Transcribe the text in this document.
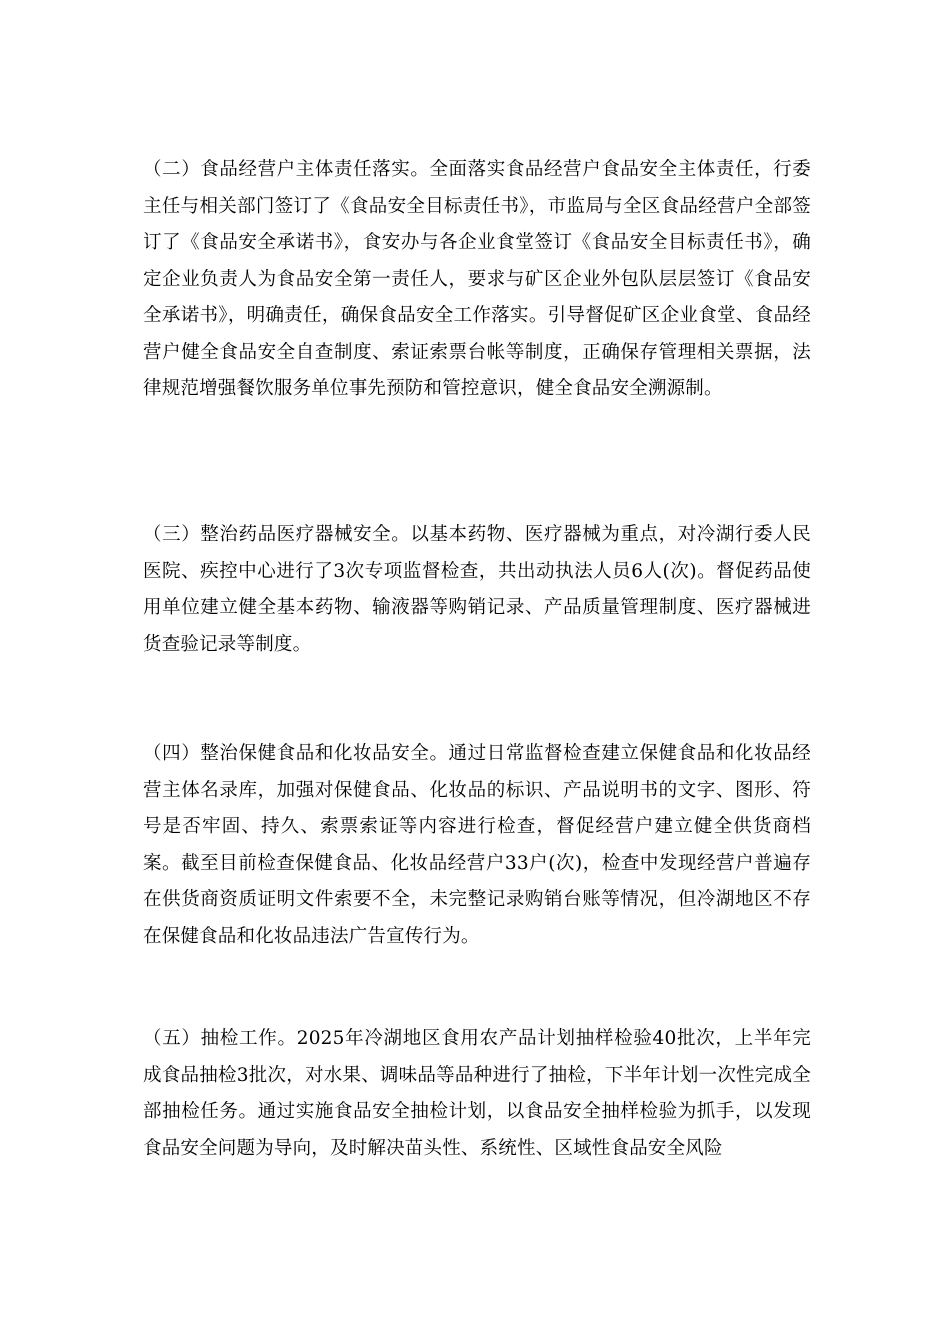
（二）食品经营户主体责任落实。全面落实食品经营户食品安全主体责任，行委主任与相关部门签订了《食品安全目标责任书》，市监局与全区食品经营户全部签订了《食品安全承诺书》，食安办与各企业食堂签订《食品安全目标责任书》，确定企业负责人为食品安全第一责任人，要求与矿区企业外包队层层签订《食品安全承诺书》，明确责任，确保食品安全工作落实。引导督促矿区企业食堂、食品经营户健全食品安全自查制度、索证索票台帐等制度，正确保存管理相关票据，法律规范增强餐饮服务单位事先预防和管控意识，健全食品安全溯源制。

（三）整治药品医疗器械安全。以基本药物、医疗器械为重点，对冷湖行委人民医院、疾控中心进行了3次专项监督检查，共出动执法人员6人(次)。督促药品使用单位建立健全基本药物、输液器等购销记录、产品质量管理制度、医疗器械进货查验记录等制度。

（四）整治保健食品和化妆品安全。通过日常监督检查建立保健食品和化妆品经营主体名录库，加强对保健食品、化妆品的标识、产品说明书的文字、图形、符号是否牢固、持久、索票索证等内容进行检查，督促经营户建立健全供货商档案。截至目前检查保健食品、化妆品经营户33户(次)，检查中发现经营户普遍存在供货商资质证明文件索要不全，未完整记录购销台账等情况，但冷湖地区不存在保健食品和化妆品违法广告宣传行为。

（五）抽检工作。2025年冷湖地区食用农产品计划抽样检验40批次，上半年完成食品抽检3批次，对水果、调味品等品种进行了抽检，下半年计划一次性完成全部抽检任务。通过实施食品安全抽检计划，以食品安全抽样检验为抓手，以发现食品安全问题为导向，及时解决苗头性、系统性、区域性食品安全风险
